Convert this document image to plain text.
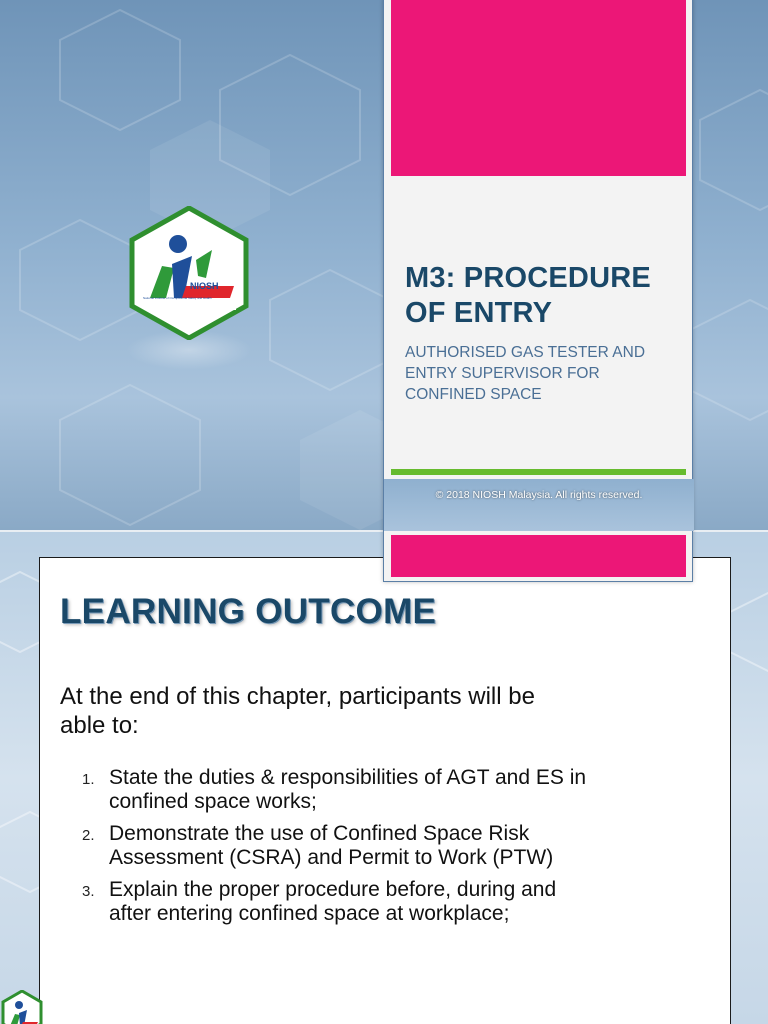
NIOSH
National Institute of Occupational Safety and Health
M3: PROCEDURE
OF ENTRY
AUTHORISED GAS TESTER AND
ENTRY SUPERVISOR FOR
CONFINED SPACE
© 2018 NIOSH Malaysia. All rights reserved.
LEARNING OUTCOME
At the end of this chapter, participants will be
able to:
1. State the duties & responsibilities of AGT and ES in
confined space works;
2. Demonstrate the use of Confined Space Risk
Assessment (CSRA) and Permit to Work (PTW)
3. Explain the proper procedure before, during and
after entering confined space at workplace;
